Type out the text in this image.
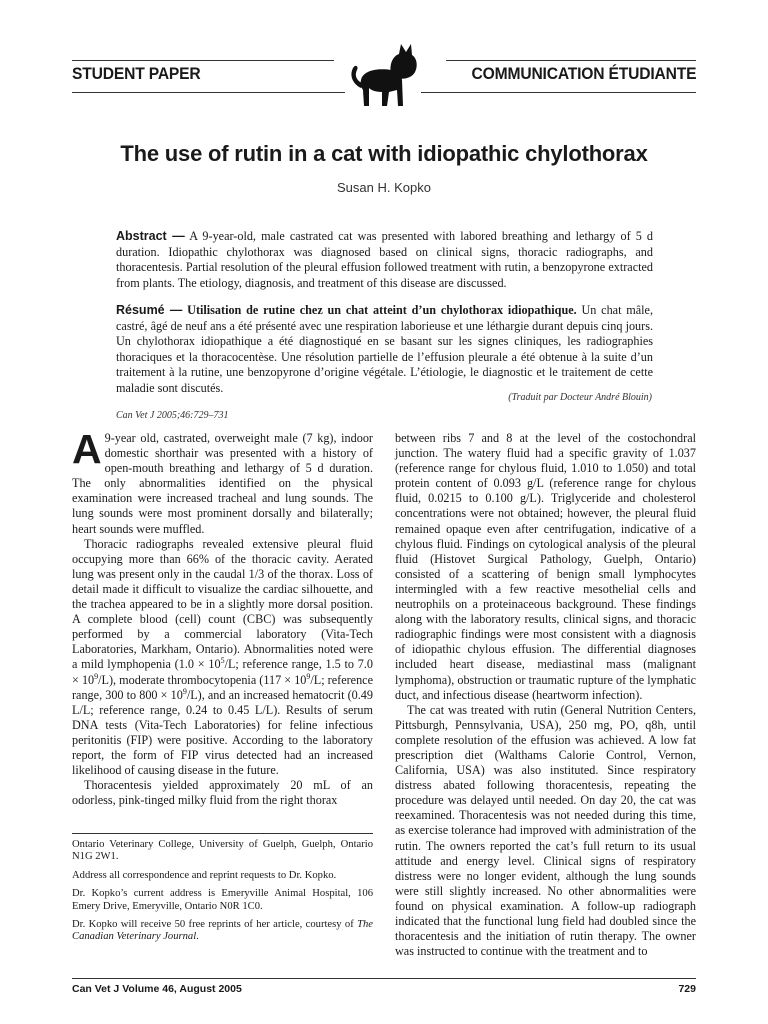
STUDENT PAPER	COMMUNICATION ÉTUDIANTE
The use of rutin in a cat with idiopathic chylothorax
Susan H. Kopko
Abstract — A 9-year-old, male castrated cat was presented with labored breathing and lethargy of 5 d duration. Idiopathic chylothorax was diagnosed based on clinical signs, thoracic radiographs, and thoracentesis. Partial resolution of the pleural effusion followed treatment with rutin, a benzopyrone extracted from plants. The etiology, diagnosis, and treatment of this disease are discussed.
Résumé — Utilisation de rutine chez un chat atteint d’un chylothorax idiopathique. Un chat mâle, castré, âgé de neuf ans a été présenté avec une respiration laborieuse et une léthargie durant depuis cinq jours. Un chylothorax idiopathique a été diagnostiqué en se basant sur les signes cliniques, les radiographies thoraciques et la thoracocentèse. Une résolution partielle de l’effusion pleurale a été obtenue à la suite d’un traitement à la rutine, une benzopyrone d’origine végétale. L’étiologie, le diagnostic et le traitement de cette maladie sont discutés.
(Traduit par Docteur André Blouin)
Can Vet J 2005;46:729–731

A 9-year old, castrated, overweight male (7 kg), indoor domestic shorthair was presented with a history of open-mouth breathing and lethargy of 5 d duration. The only abnormalities identified on the physical examination were increased tracheal and lung sounds. The lung sounds were most prominent dorsally and bilaterally; heart sounds were muffled.

Thoracic radiographs revealed extensive pleural fluid occupying more than 66% of the thoracic cavity. Aerated lung was present only in the caudal 1/3 of the thorax. Loss of detail made it difficult to visualize the cardiac silhouette, and the trachea appeared to be in a slightly more dorsal position. A complete blood (cell) count (CBC) was subsequently performed by a commercial laboratory (Vita-Tech Laboratories, Markham, Ontario). Abnormalities noted were a mild lymphopenia ($1.0 \times 10^5/L$; reference range, 1.5 to $7.0 \times 10^9/L$), moderate thrombocytopenia ($117 \times 10^9/L$; reference range, 300 to $800 \times 10^9/L$), and an increased hematocrit (0.49 L/L; reference range, 0.24 to 0.45 L/L). Results of serum DNA tests (Vita-Tech Laboratories) for feline infectious peritonitis (FIP) were positive. According to the laboratory report, the form of FIP virus detected had an increased likelihood of causing disease in the future.

Thoracentesis yielded approximately 20 mL of an odorless, pink-tinged milky fluid from the right thorax

Ontario Veterinary College, University of Guelph, Guelph, Ontario N1G 2W1.

Address all correspondence and reprint requests to Dr. Kopko.

Dr. Kopko’s current address is Emeryville Animal Hospital, 106 Emery Drive, Emeryville, Ontario N0R 1C0.

Dr. Kopko will receive 50 free reprints of her article, courtesy of The Canadian Veterinary Journal.

between ribs 7 and 8 at the level of the costochondral junction. The watery fluid had a specific gravity of 1.037 (reference range for chylous fluid, 1.010 to 1.050) and total protein content of 0.093 g/L (reference range for chylous fluid, 0.0215 to 0.100 g/L). Triglyceride and cholesterol concentrations were not obtained; however, the pleural fluid remained opaque even after centrifugation, indicative of a chylous fluid. Findings on cytological analysis of the pleural fluid (Histovet Surgical Pathology, Guelph, Ontario) consisted of a scattering of benign small lymphocytes intermingled with a few reactive mesothelial cells and neutrophils on a proteinaceous background. These findings along with the laboratory results, clinical signs, and thoracic radiographic findings were most consistent with a diagnosis of idiopathic chylous effusion. The differential diagnoses included heart disease, mediastinal mass (malignant lymphoma), obstruction or traumatic rupture of the lymphatic duct, and infectious disease (heartworm infection).

The cat was treated with rutin (General Nutrition Centers, Pittsburgh, Pennsylvania, USA), 250 mg, PO, q8h, until complete resolution of the effusion was achieved. A low fat prescription diet (Walthams Calorie Control, Vernon, California, USA) was also instituted. Since respiratory distress abated following thoracentesis, repeating the procedure was delayed until needed. On day 20, the cat was reexamined. Thoracentesis was not needed during this time, as exercise tolerance had improved with administration of the rutin. The owners reported the cat’s full return to its usual attitude and energy level. Clinical signs of respiratory distress were no longer evident, although the lung sounds were still slightly increased. No other abnormalities were found on physical examination. A follow-up radiograph indicated that the functional lung field had doubled since the thoracentesis and the initiation of rutin therapy. The owner was instructed to continue with the treatment and to

Can Vet J Volume 46, August 2005	729
